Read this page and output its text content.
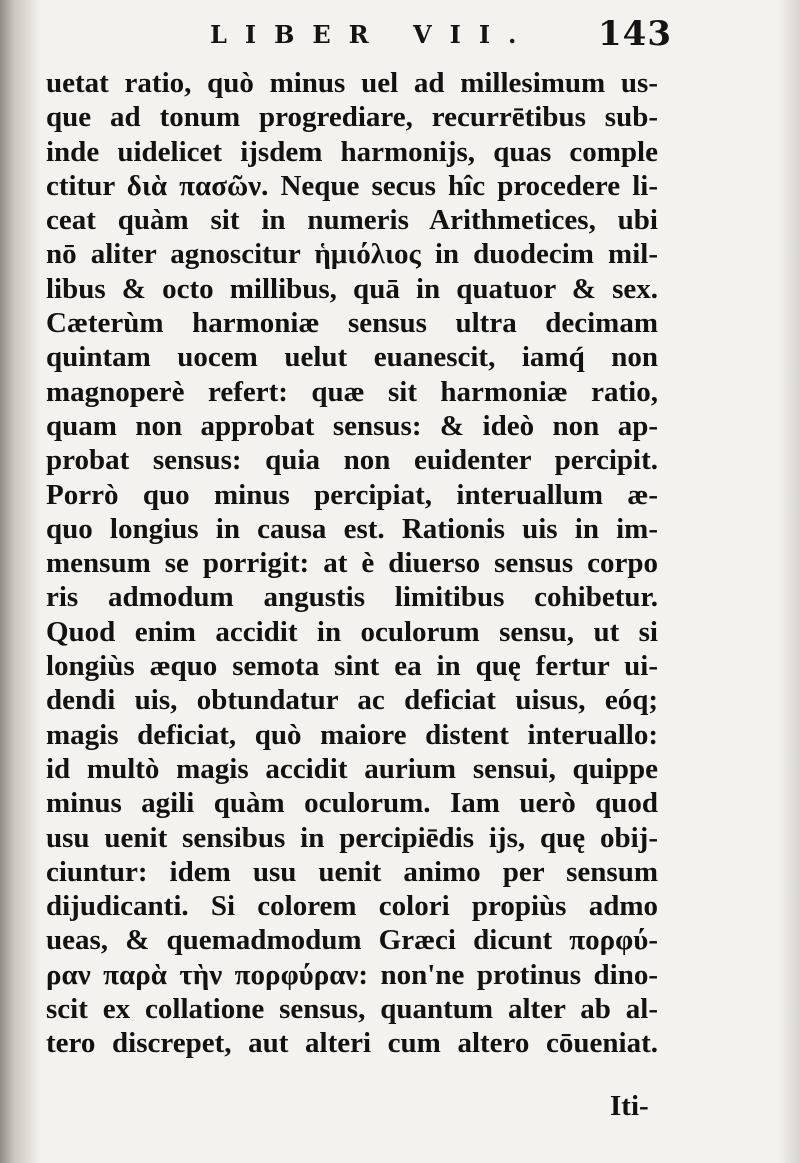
LIBER VII. 143
uetat ratio, quò minus uel ad millesimum us-
que ad tonum progrediare, recurrētibus sub-
inde uidelicet ijsdem harmonijs, quas comple
ctitur διὰ πασῶν. Neque secus hîc procedere li-
ceat quàm sit in numeris Arithmetices, ubi
nō aliter agnoscitur ἡμιόλιος in duodecim mil-
libus & octo millibus, quā in quatuor & sex.
Cæterùm harmoniæ sensus ultra decimam
quintam uocem uelut euanescit, iamq́ non
magnoperè refert: quæ sit harmoniæ ratio,
quam non approbat sensus: & ideò non ap-
probat sensus: quia non euidenter percipit.
Porrò quo minus percipiat, interuallum æ-
quo longius in causa est. Rationis uis in im-
mensum se porrigit: at è diuerso sensus corpo
ris admodum angustis limitibus cohibetur.
Quod enim accidit in oculorum sensu, ut si
longiùs æquo semota sint ea in quę fertur ui-
dendi uis, obtundatur ac deficiat uisus, eóq;
magis deficiat, quò maiore distent interuallo:
id multò magis accidit aurium sensui, quippe
minus agili quàm oculorum. Iam uerò quod
usu uenit sensibus in percipiēdis ijs, quę obij-
ciuntur: idem usu uenit animo per sensum
dijudicanti. Si colorem colori propiùs admo
ueas, & quemadmodum Græci dicunt πορφύ-
ραν παρὰ τὴν πορφύραν: non'ne protinus dino-
scit ex collatione sensus, quantum alter ab al-
tero discrepet, aut alteri cum altero cōueniat.
Iti-
